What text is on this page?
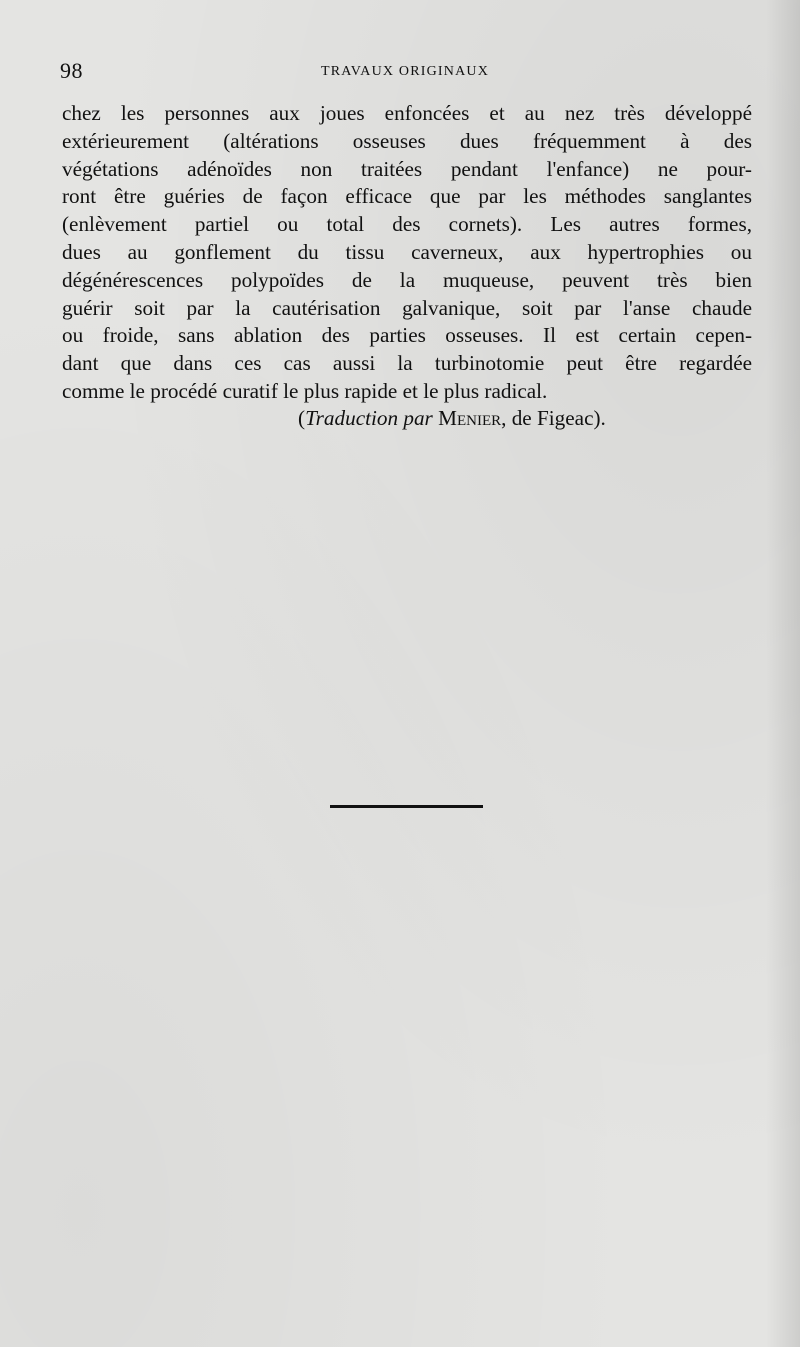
98	TRAVAUX ORIGINAUX
chez les personnes aux joues enfoncées et au nez très développé
extérieurement (altérations osseuses dues fréquemment à des
végétations adénoïdes non traitées pendant l'enfance) ne pour-
ront être guéries de façon efficace que par les méthodes sanglantes
(enlèvement partiel ou total des cornets). Les autres formes,
dues au gonflement du tissu caverneux, aux hypertrophies ou
dégénérescences polypoïdes de la muqueuse, peuvent très bien
guérir soit par la cautérisation galvanique, soit par l'anse chaude
ou froide, sans ablation des parties osseuses. Il est certain cepen-
dant que dans ces cas aussi la turbinotomie peut être regardée
comme le procédé curatif le plus rapide et le plus radical.
(Traduction par Menier, de Figeac).
